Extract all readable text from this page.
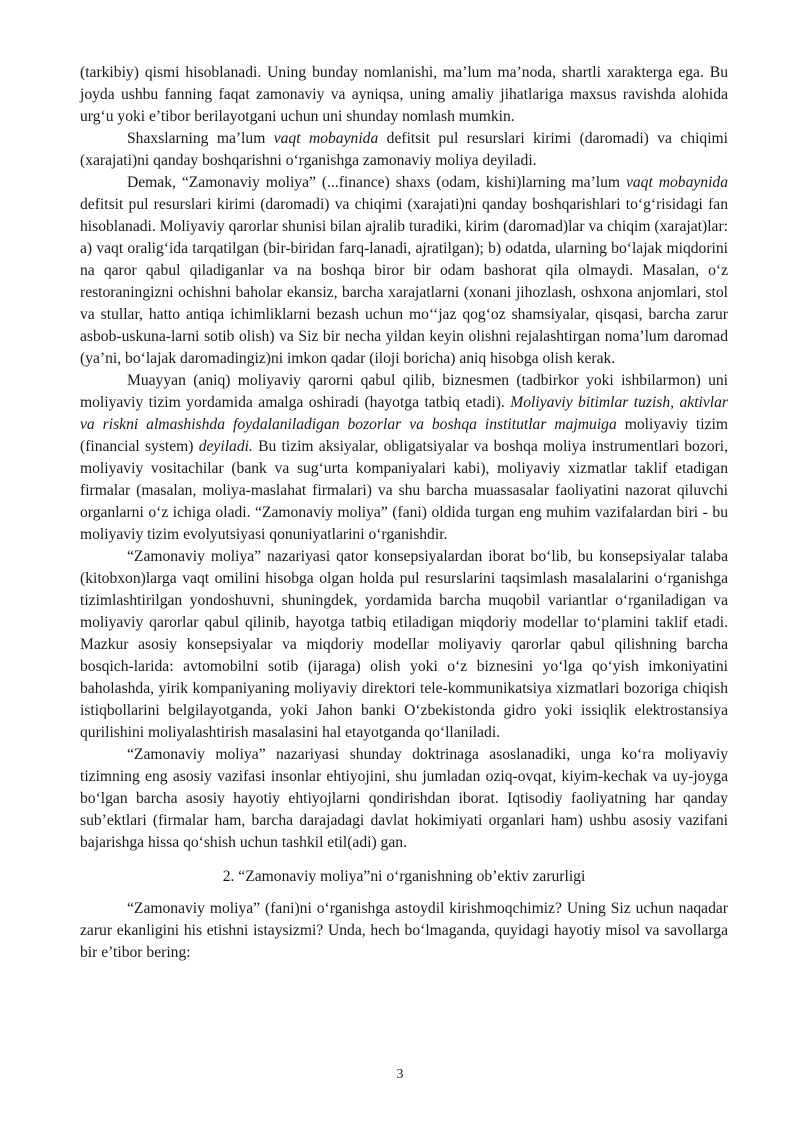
(tarkibiy) qismi hisoblanadi. Uning bunday nomlanishi, ma’lum ma’noda, shartli xarakterga ega. Bu joyda ushbu fanning faqat zamonaviy va ayniqsa, uning amaliy jihatlariga maxsus ravishda alohida urg‘u yoki e’tibor berilayotgani uchun uni shunday nomlash mumkin.

Shaxslarning ma’lum vaqt mobaynida defitsit pul resurslari kirimi (daromadi) va chiqimi (xarajati)ni qanday boshqarishni o‘rganishga zamonaviy moliya deyiladi.

Demak, “Zamonaviy moliya” (...finance) shaxs (odam, kishi)larning ma’lum vaqt mobaynida defitsit pul resurslari kirimi (daromadi) va chiqimi (xarajati)ni qanday boshqarishlari to‘g‘risidagi fan hisoblanadi. Moliyaviy qarorlar shunisi bilan ajralib turadiki, kirim (daromad)lar va chiqim (xarajat)lar: a) vaqt oralig‘ida tarqatilgan (bir-biridan farq-lanadi, ajratilgan); b) odatda, ularning bo‘lajak miqdorini na qaror qabul qiladiganlar va na boshqa biror bir odam bashorat qila olmaydi. Masalan, o‘z restoraningizni ochishni baholar ekansiz, barcha xarajatlarni (xonani jihozlash, oshxona anjomlari, stol va stullar, hatto antiqa ichimliklarni bezash uchun mo‘‘jaz qog‘oz shamsiyalar, qisqasi, barcha zarur asbob-uskuna-larni sotib olish) va Siz bir necha yildan keyin olishni rejalashtirgan noma’lum daromad (ya’ni, bo‘lajak daromadingiz)ni imkon qadar (iloji boricha) aniq hisobga olish kerak.

Muayyan (aniq) moliyaviy qarorni qabul qilib, biznesmen (tadbirkor yoki ishbilarmon) uni moliyaviy tizim yordamida amalga oshiradi (hayotga tatbiq etadi). Moliyaviy bitimlar tuzish, aktivlar va riskni almashishda foydalaniladigan bozorlar va boshqa institutlar majmuiga moliyaviy tizim (financial system) deyiladi. Bu tizim aksiyalar, obligatsiyalar va boshqa moliya instrumentlari bozori, moliyaviy vositachilar (bank va sug‘urta kompaniyalari kabi), moliyaviy xizmatlar taklif etadigan firmalar (masalan, moliya-maslahat firmalari) va shu barcha muassasalar faoliyatini nazorat qiluvchi organlarni o‘z ichiga oladi. “Zamonaviy moliya” (fani) oldida turgan eng muhim vazifalardan biri - bu moliyaviy tizim evolyutsiyasi qonuniyatlarini o‘rganishdir.

“Zamonaviy moliya” nazariyasi qator konsepsiyalardan iborat bo‘lib, bu konsepsiyalar talaba (kitobxon)larga vaqt omilini hisobga olgan holda pul resurslarini taqsimlash masalalarini o‘rganishga tizimlashtirilgan yondoshuvni, shuningdek, yordamida barcha muqobil variantlar o‘rganiladigan va moliyaviy qarorlar qabul qilinib, hayotga tatbiq etiladigan miqdoriy modellar to‘plamini taklif etadi. Mazkur asosiy konsepsiyalar va miqdoriy modellar moliyaviy qarorlar qabul qilishning barcha bosqich-larida: avtomobilni sotib (ijaraga) olish yoki o‘z biznesini yo‘lga qo‘yish imkoniyatini baholashda, yirik kompaniyaning moliyaviy direktori tele-kommunikatsiya xizmatlari bozoriga chiqish istiqbollarini belgilayotganda, yoki Jahon banki O‘zbekistonda gidro yoki issiqlik elektrostansiya qurilishini moliyalashtirish masalasini hal etayotganda qo‘llaniladi.

“Zamonaviy moliya” nazariyasi shunday doktrinaga asoslanadiki, unga ko‘ra moliyaviy tizimning eng asosiy vazifasi insonlar ehtiyojini, shu jumladan oziq-ovqat, kiyim-kechak va uy-joyga bo‘lgan barcha asosiy hayotiy ehtiyojlarni qondirishdan iborat. Iqtisodiy faoliyatning har qanday sub’ektlari (firmalar ham, barcha darajadagi davlat hokimiyati organlari ham) ushbu asosiy vazifani bajarishga hissa qo‘shish uchun tashkil etil(adi) gan.

2. “Zamonaviy moliya”ni o‘rganishning ob’ektiv zarurligi

“Zamonaviy moliya” (fani)ni o‘rganishga astoydil kirishmoqchimiz? Uning Siz uchun naqadar zarur ekanligini his etishni istaysizmi? Unda, hech bo‘lmaganda, quyidagi hayotiy misol va savollarga bir e’tibor bering:

3
